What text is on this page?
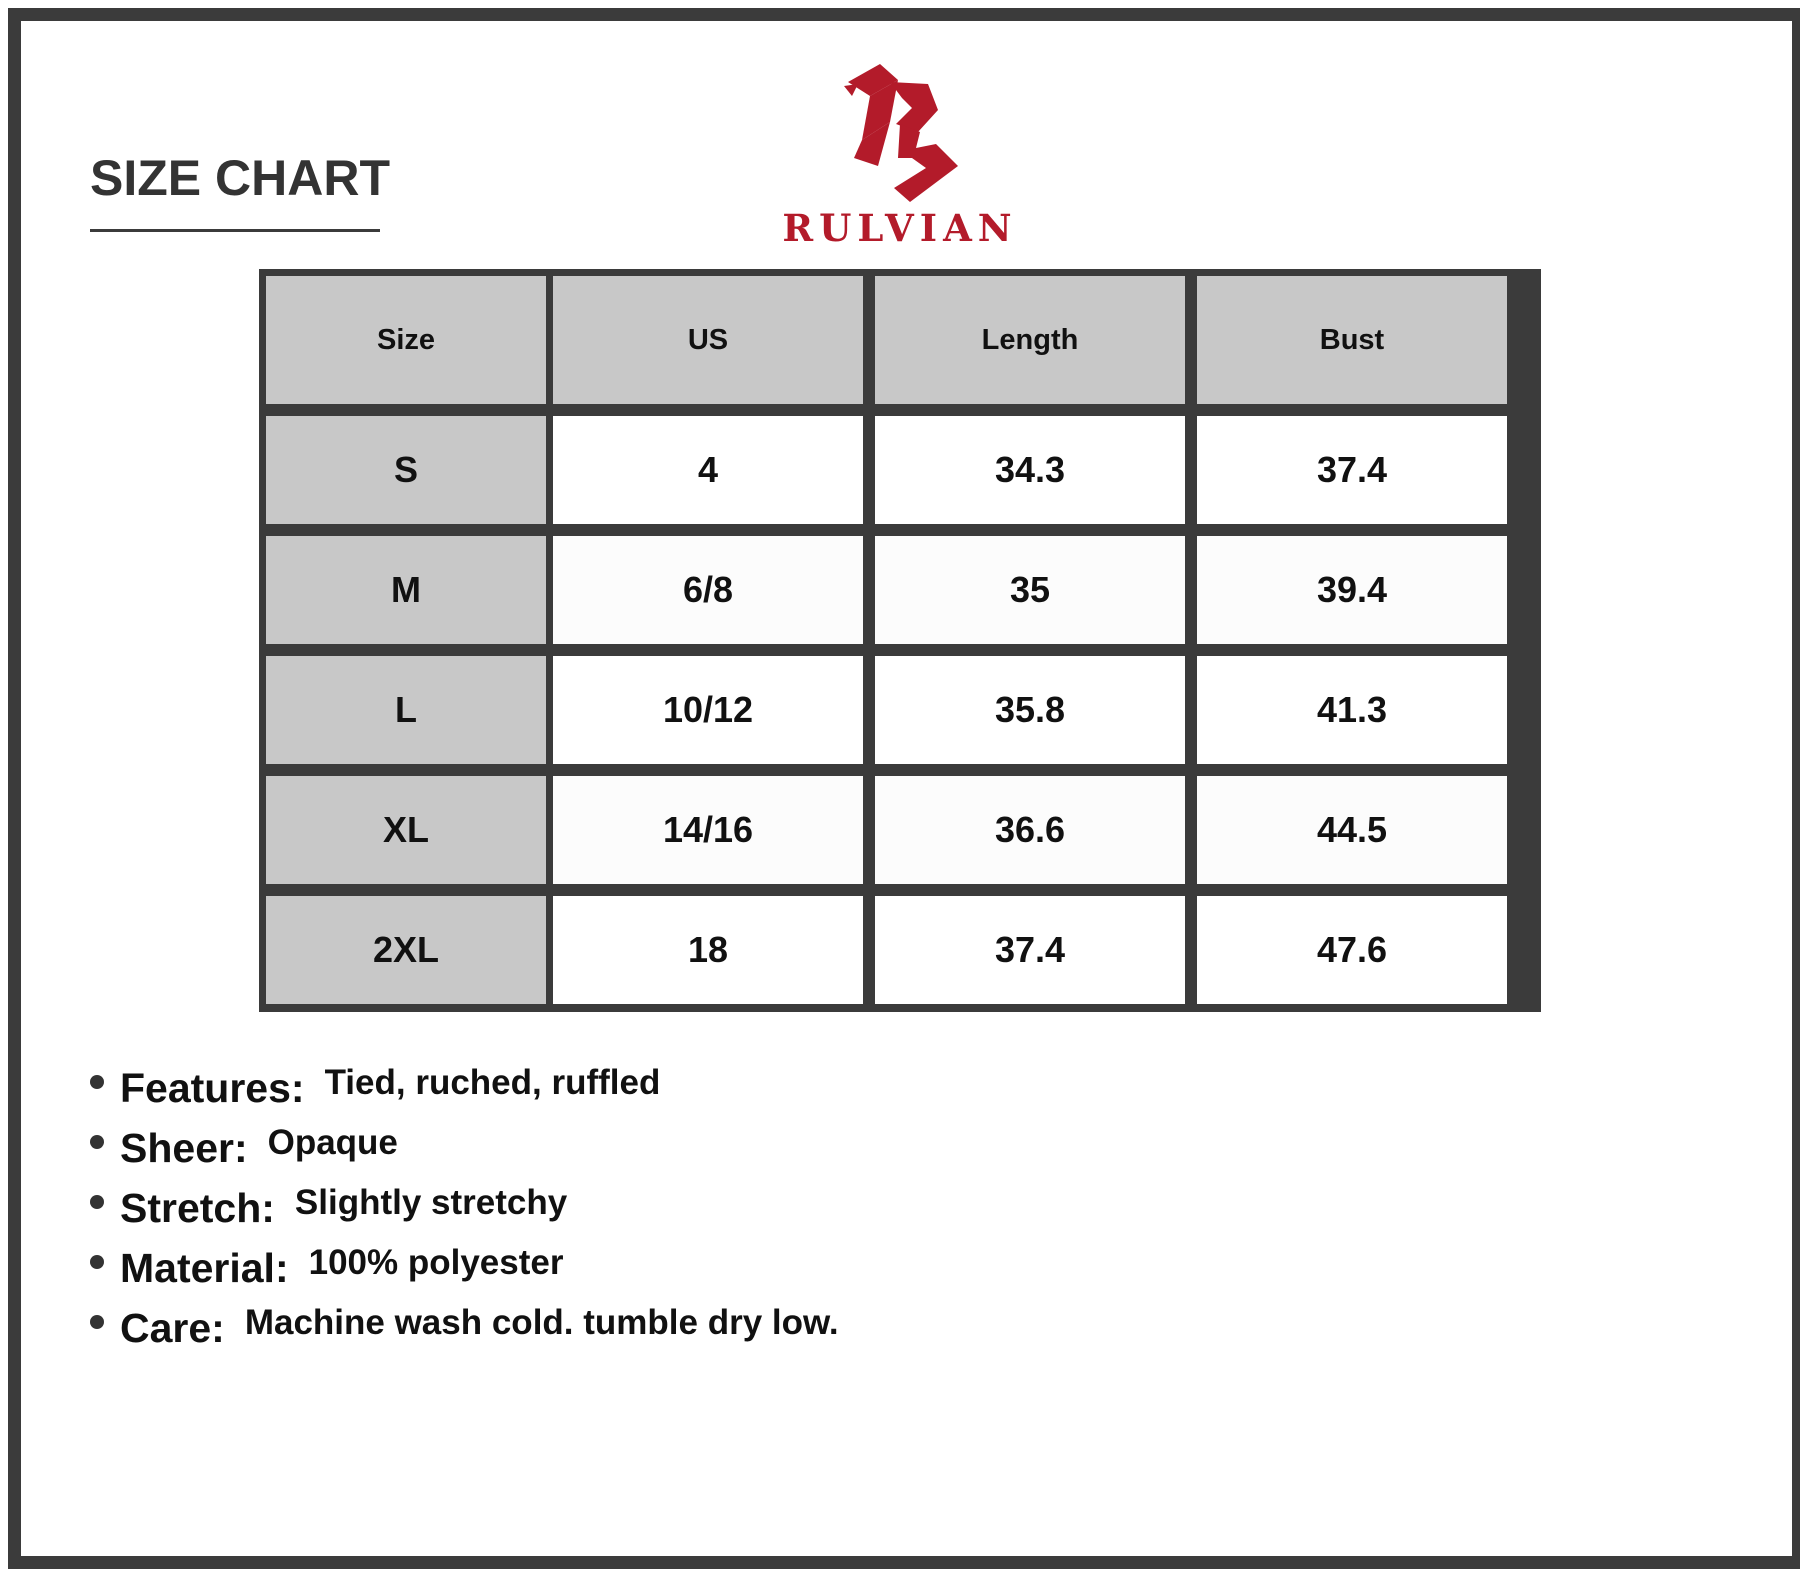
SIZE CHART
RULVIAN
Size	US	Length	Bust
S	4	34.3	37.4
M	6/8	35	39.4
L	10/12	35.8	41.3
XL	14/16	36.6	44.5
2XL	18	37.4	47.6
Features: Tied, ruched, ruffled
Sheer: Opaque
Stretch: Slightly stretchy
Material: 100% polyester
Care: Machine wash cold. tumble dry low.
